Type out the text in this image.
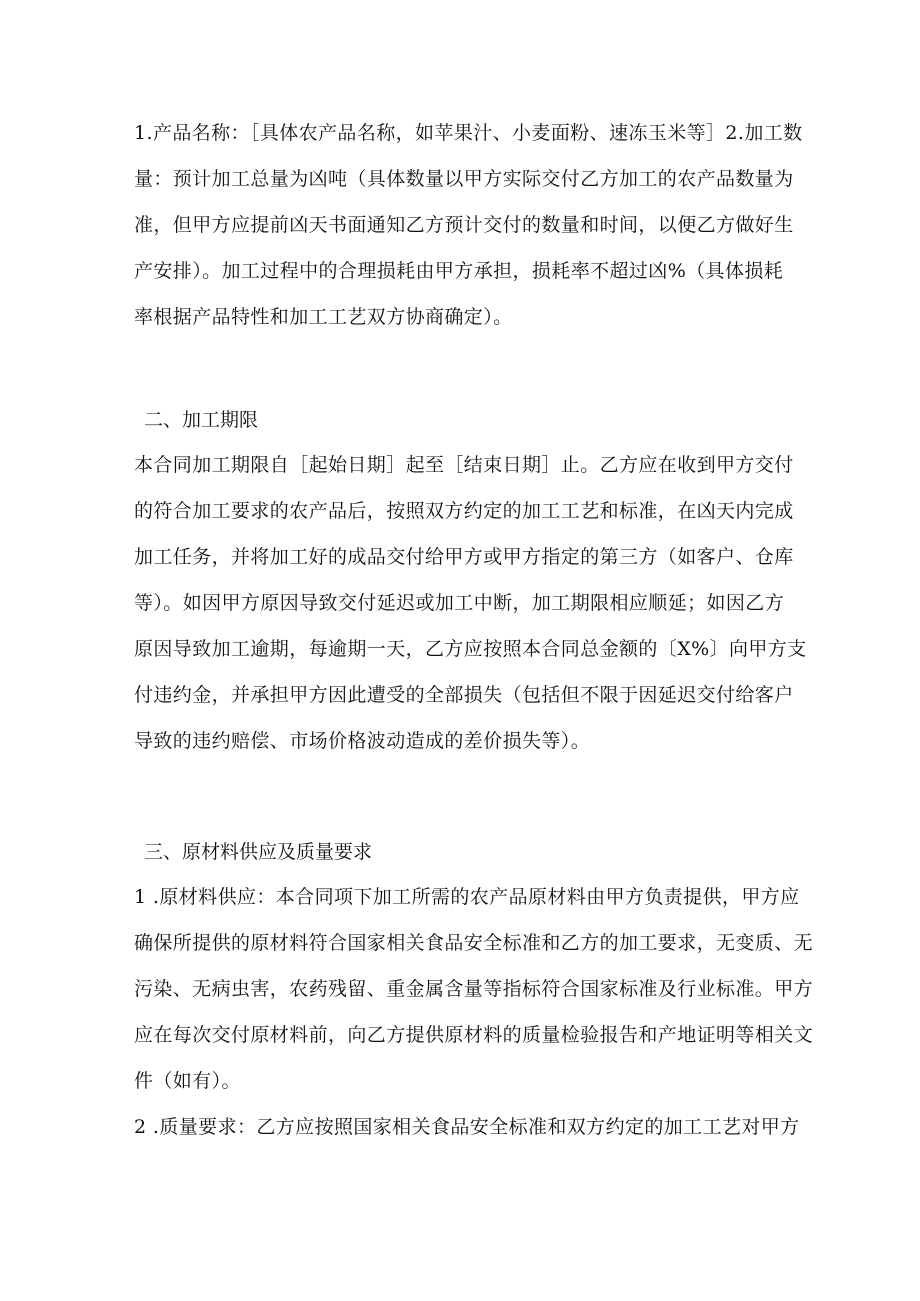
1.产品名称：［具体农产品名称，如苹果汁、小麦面粉、速冻玉米等］2.加工数
量：预计加工总量为凶吨（具体数量以甲方实际交付乙方加工的农产品数量为
准，但甲方应提前凶天书面通知乙方预计交付的数量和时间，以便乙方做好生
产安排）。加工过程中的合理损耗由甲方承担，损耗率不超过凶%（具体损耗
率根据产品特性和加工工艺双方协商确定）。
二、加工期限
本合同加工期限自［起始日期］起至［结束日期］止。乙方应在收到甲方交付
的符合加工要求的农产品后，按照双方约定的加工工艺和标准，在凶天内完成
加工任务，并将加工好的成品交付给甲方或甲方指定的第三方（如客户、仓库
等）。如因甲方原因导致交付延迟或加工中断，加工期限相应顺延；如因乙方
原因导致加工逾期，每逾期一天，乙方应按照本合同总金额的〔X%〕向甲方支
付违约金，并承担甲方因此遭受的全部损失（包括但不限于因延迟交付给客户
导致的违约赔偿、市场价格波动造成的差价损失等）。
三、原材料供应及质量要求
1 .原材料供应：本合同项下加工所需的农产品原材料由甲方负责提供，甲方应
确保所提供的原材料符合国家相关食品安全标准和乙方的加工要求，无变质、无
污染、无病虫害，农药残留、重金属含量等指标符合国家标准及行业标准。甲方
应在每次交付原材料前，向乙方提供原材料的质量检验报告和产地证明等相关文
件（如有）。
2 .质量要求：乙方应按照国家相关食品安全标准和双方约定的加工工艺对甲方
